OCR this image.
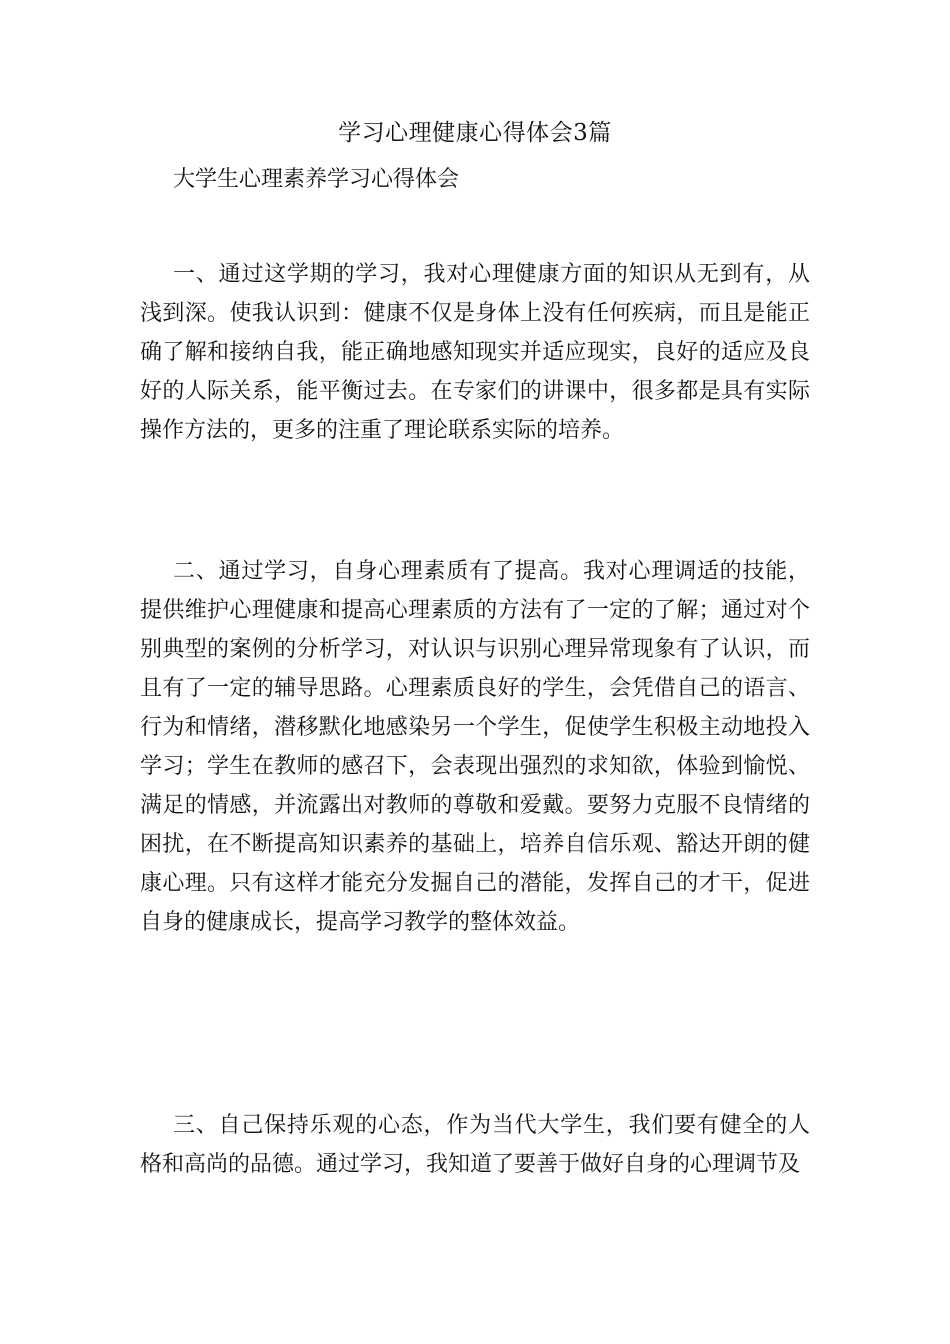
学习心理健康心得体会3篇
大学生心理素养学习心得体会

一、通过这学期的学习，我对心理健康方面的知识从无到有，从浅到深。使我认识到：健康不仅是身体上没有任何疾病，而且是能正确了解和接纳自我，能正确地感知现实并适应现实，良好的适应及良好的人际关系，能平衡过去。在专家们的讲课中，很多都是具有实际操作方法的，更多的注重了理论联系实际的培养。

二、通过学习，自身心理素质有了提高。我对心理调适的技能，提供维护心理健康和提高心理素质的方法有了一定的了解；通过对个别典型的案例的分析学习，对认识与识别心理异常现象有了认识，而且有了一定的辅导思路。心理素质良好的学生，会凭借自己的语言、行为和情绪，潜移默化地感染另一个学生，促使学生积极主动地投入学习；学生在教师的感召下，会表现出强烈的求知欲，体验到愉悦、满足的情感，并流露出对教师的尊敬和爱戴。要努力克服不良情绪的困扰，在不断提高知识素养的基础上，培养自信乐观、豁达开朗的健康心理。只有这样才能充分发掘自己的潜能，发挥自己的才干，促进自身的健康成长，提高学习教学的整体效益。

三、自己保持乐观的心态，作为当代大学生，我们要有健全的人格和高尚的品德。通过学习，我知道了要善于做好自身的心理调节及
